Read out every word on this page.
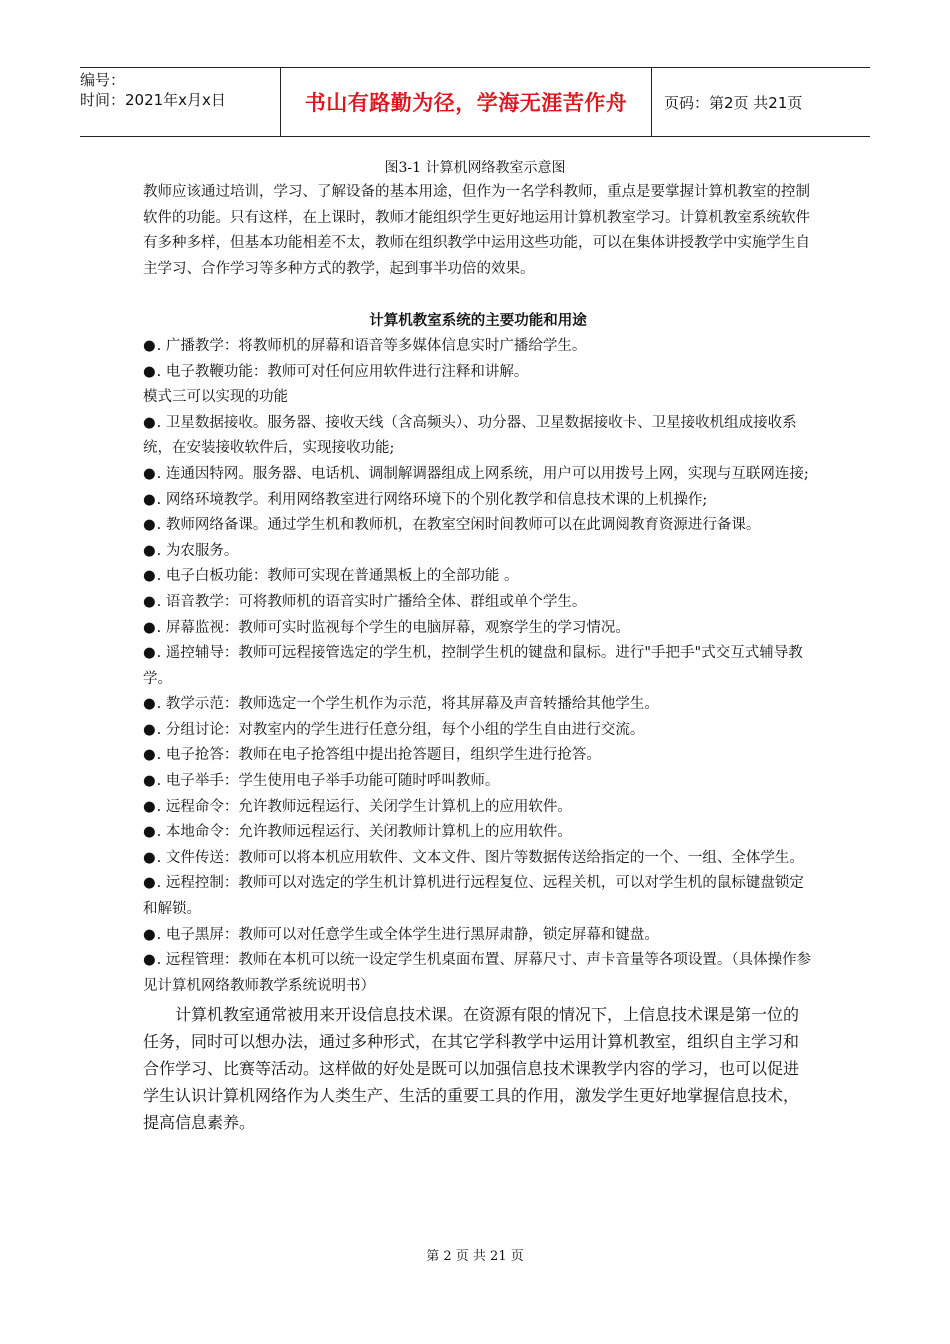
编号：
时间：2021年x月x日	书山有路勤为径，学海无涯苦作舟	页码：第2页 共21页
图3-1 计算机网络教室示意图

教师应该通过培训，学习、了解设备的基本用途，但作为一名学科教师，重点是要掌握计算机教室的控制软件的功能。只有这样，在上课时，教师才能组织学生更好地运用计算机教室学习。计算机教室系统软件有多种多样，但基本功能相差不太，教师在组织教学中运用这些功能，可以在集体讲授教学中实施学生自主学习、合作学习等多种方式的教学，起到事半功倍的效果。

计算机教室系统的主要功能和用途

● . 广播教学：将教师机的屏幕和语音等多媒体信息实时广播给学生。

● . 电子教鞭功能：教师可对任何应用软件进行注释和讲解。

模式三可以实现的功能

● . 卫星数据接收。服务器、接收天线（含高频头）、功分器、卫星数据接收卡、卫星接收机组成接收系统，在安装接收软件后，实现接收功能;

● . 连通因特网。服务器、电话机、调制解调器组成上网系统，用户可以用拨号上网，实现与互联网连接;

● . 网络环境教学。利用网络教室进行网络环境下的个别化教学和信息技术课的上机操作;

● . 教师网络备课。通过学生机和教师机，在教室空闲时间教师可以在此调阅教育资源进行备课。

● . 为农服务。

● . 电子白板功能：教师可实现在普通黑板上的全部功能 。

● . 语音教学：可将教师机的语音实时广播给全体、群组或单个学生。

● . 屏幕监视：教师可实时监视每个学生的电脑屏幕，观察学生的学习情况。

● . 遥控辅导：教师可远程接管选定的学生机，控制学生机的键盘和鼠标。进行"手把手"式交互式辅导教学。

● . 教学示范：教师选定一个学生机作为示范，将其屏幕及声音转播给其他学生。

● . 分组讨论：对教室内的学生进行任意分组，每个小组的学生自由进行交流。

● . 电子抢答：教师在电子抢答组中提出抢答题目，组织学生进行抢答。

● . 电子举手：学生使用电子举手功能可随时呼叫教师。

● . 远程命令：允许教师远程运行、关闭学生计算机上的应用软件。

● . 本地命令：允许教师远程运行、关闭教师计算机上的应用软件。

● . 文件传送：教师可以将本机应用软件、文本文件、图片等数据传送给指定的一个、一组、全体学生。

● . 远程控制：教师可以对选定的学生机计算机进行远程复位、远程关机，可以对学生机的鼠标键盘锁定和解锁。

● . 电子黑屏：教师可以对任意学生或全体学生进行黑屏肃静，锁定屏幕和键盘。

● . 远程管理：教师在本机可以统一设定学生机桌面布置、屏幕尺寸、声卡音量等各项设置。（具体操作参见计算机网络教师教学系统说明书）

计算机教室通常被用来开设信息技术课。在资源有限的情况下，上信息技术课是第一位的任务，同时可以想办法，通过多种形式，在其它学科教学中运用计算机教室，组织自主学习和合作学习、比赛等活动。这样做的好处是既可以加强信息技术课教学内容的学习，也可以促进学生认识计算机网络作为人类生产、生活的重要工具的作用，激发学生更好地掌握信息技术，提高信息素养。

第 2 页 共 21 页
